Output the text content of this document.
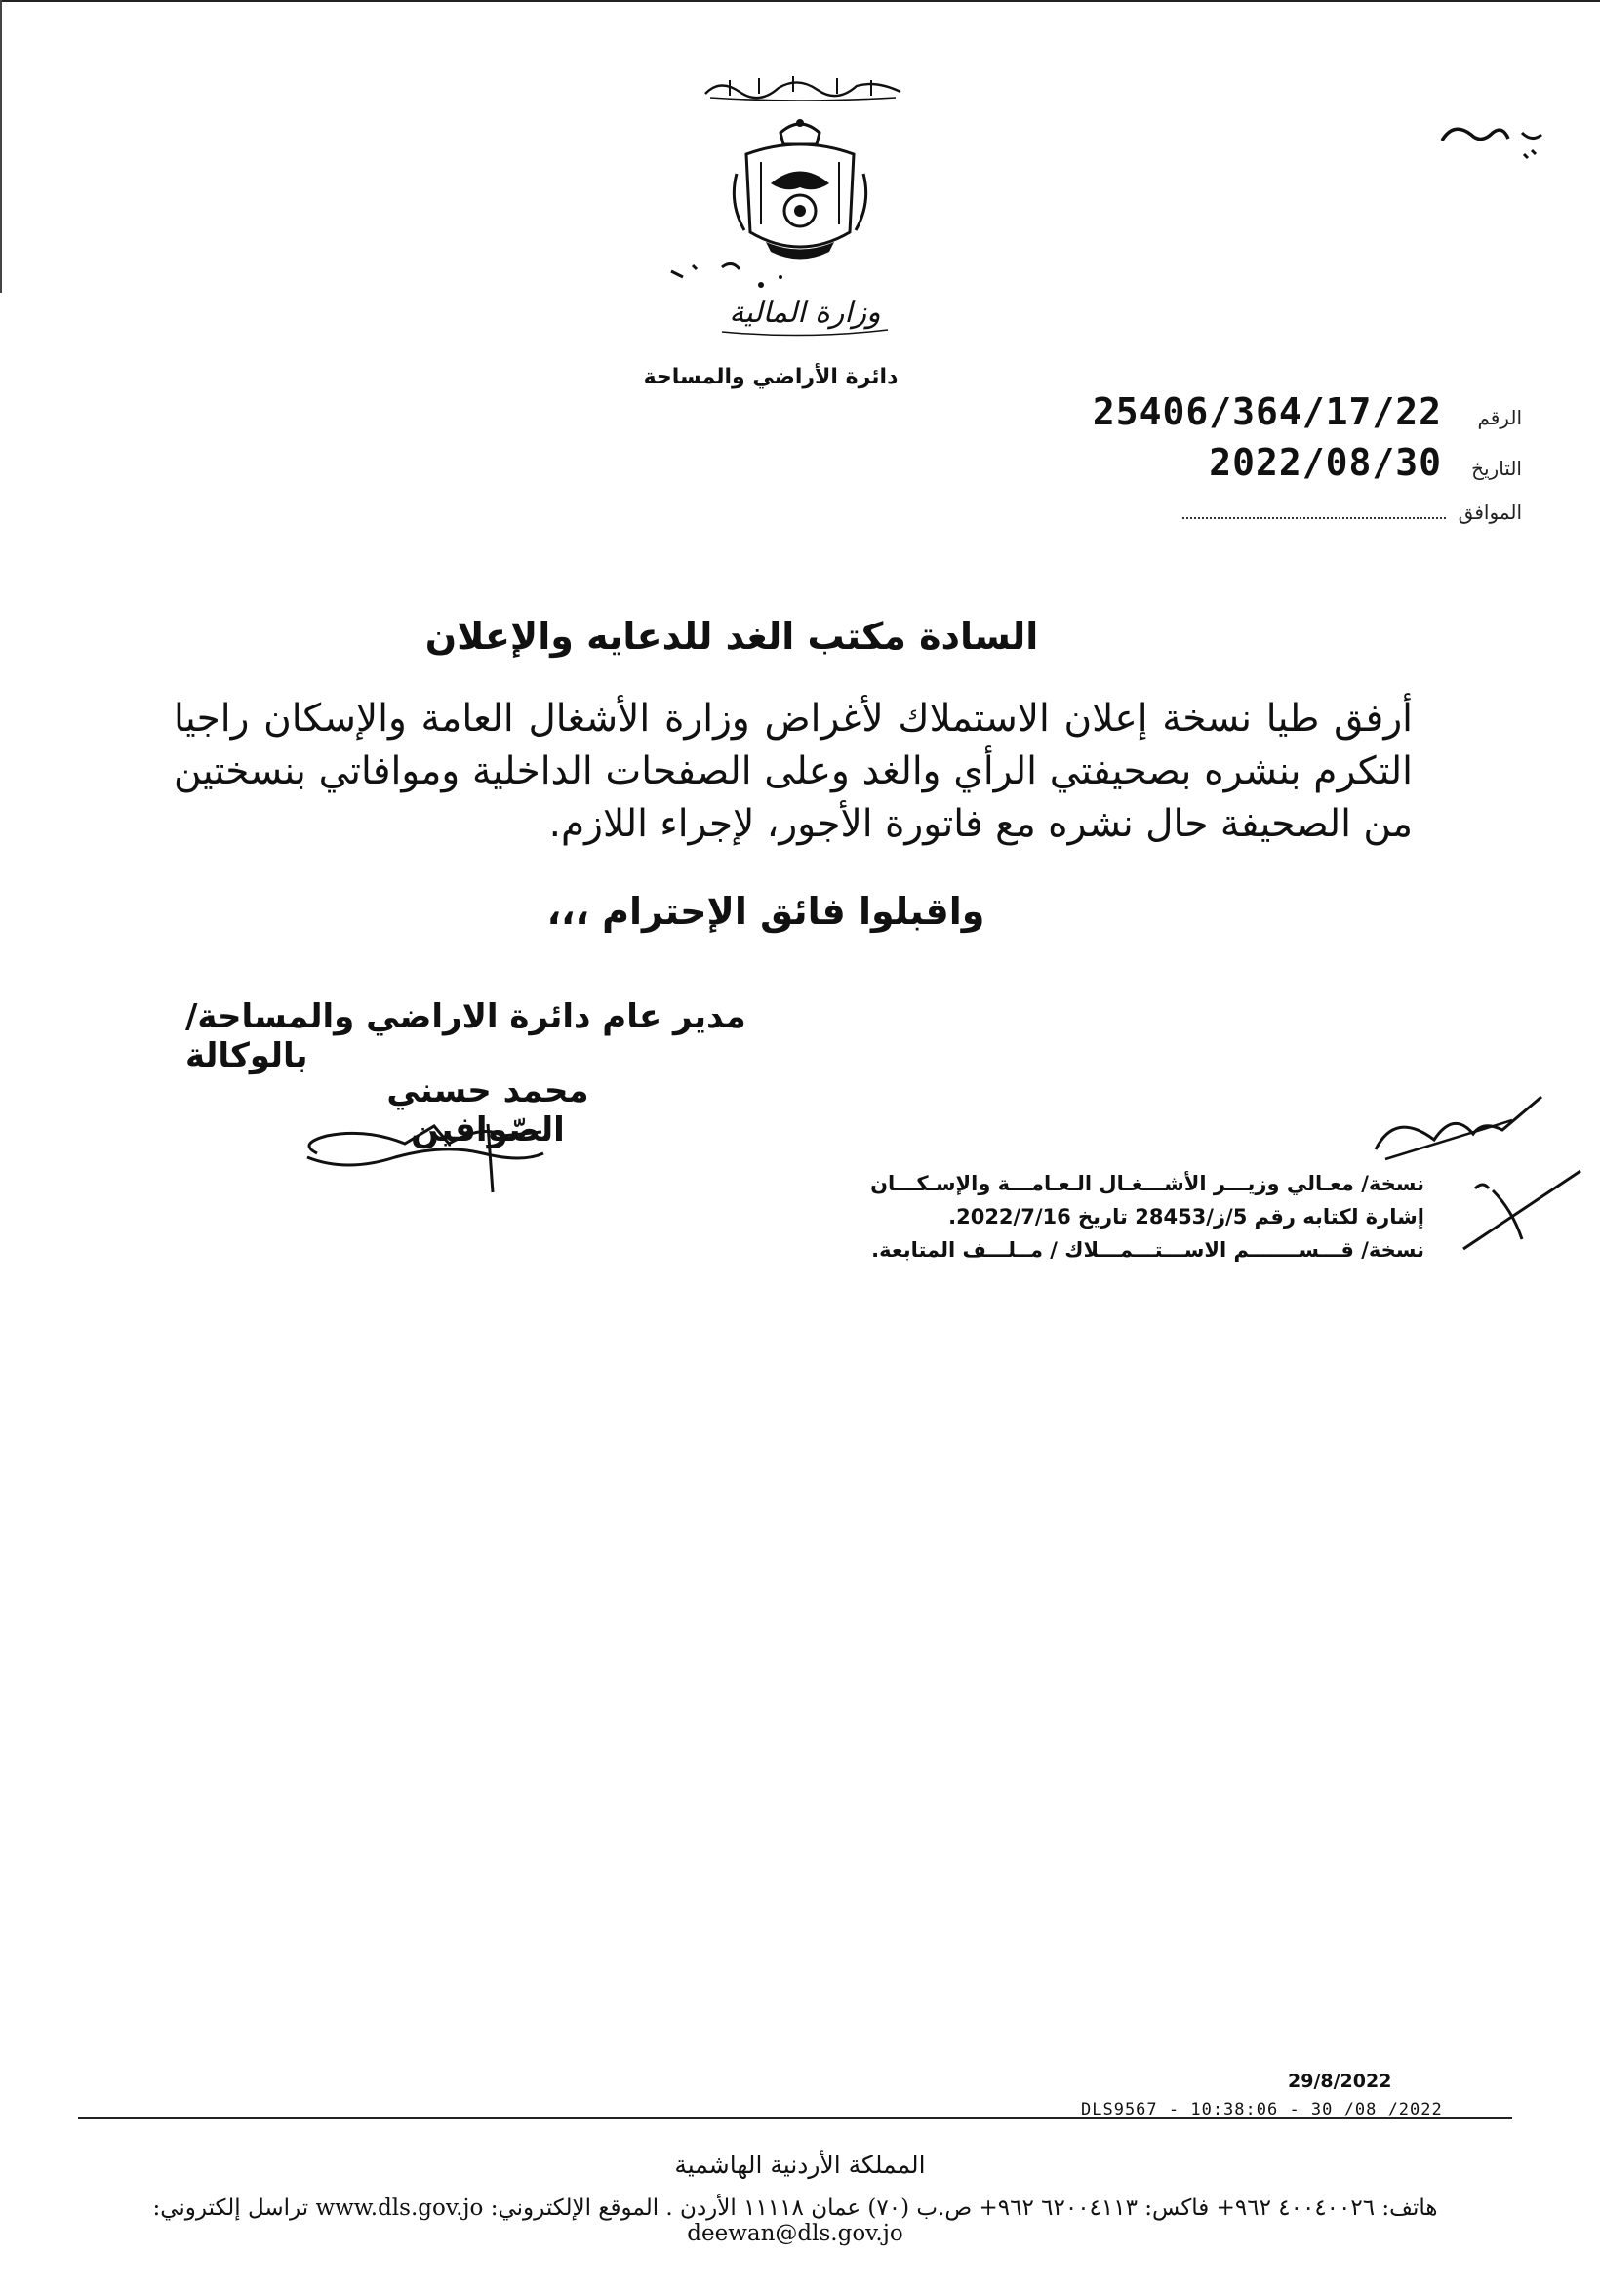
وزارة المالية
دائرة الأراضي والمساحة
الرقم
25406/364/17/22
التاريخ
2022/08/30
الموافق
السادة مكتب الغد للدعايه والإعلان
أرفق طيا نسخة إعلان الاستملاك لأغراض وزارة الأشغال العامة والإسكان راجيا التكرم بنشره بصحيفتي الرأي والغد وعلى الصفحات الداخلية وموافاتي بنسختين من الصحيفة حال نشره مع فاتورة الأجور، لإجراء اللازم.
واقبلوا فائق الإحترام ،،،
مدير عام دائرة الاراضي والمساحة/بالوكالة
محمد حسني الصّوافين
نسخة/ معـالي وزيـــر الأشـــغـال الـعـامـــة والإسـكـــان
إشارة لكتابه رقم 5/ز/28453 تاريخ 2022/7/16.
نسخة/ قـــســـــــم الاســـتـــمـــلاك / مــلـــف المتابعة.
29/8/2022
DLS9567 - 10:38:06 - 30 /08 /2022
المملكة الأردنية الهاشمية
هاتف: ٤٠٠٤٠٠٢٦ ٩٦٢+ فاكس: ٦٢٠٠٤١١٣ ٩٦٢+ ص.ب (٧٠) عمان ١١١١٨ الأردن . الموقع الإلكتروني: www.dls.gov.jo تراسل إلكتروني: deewan@dls.gov.jo
